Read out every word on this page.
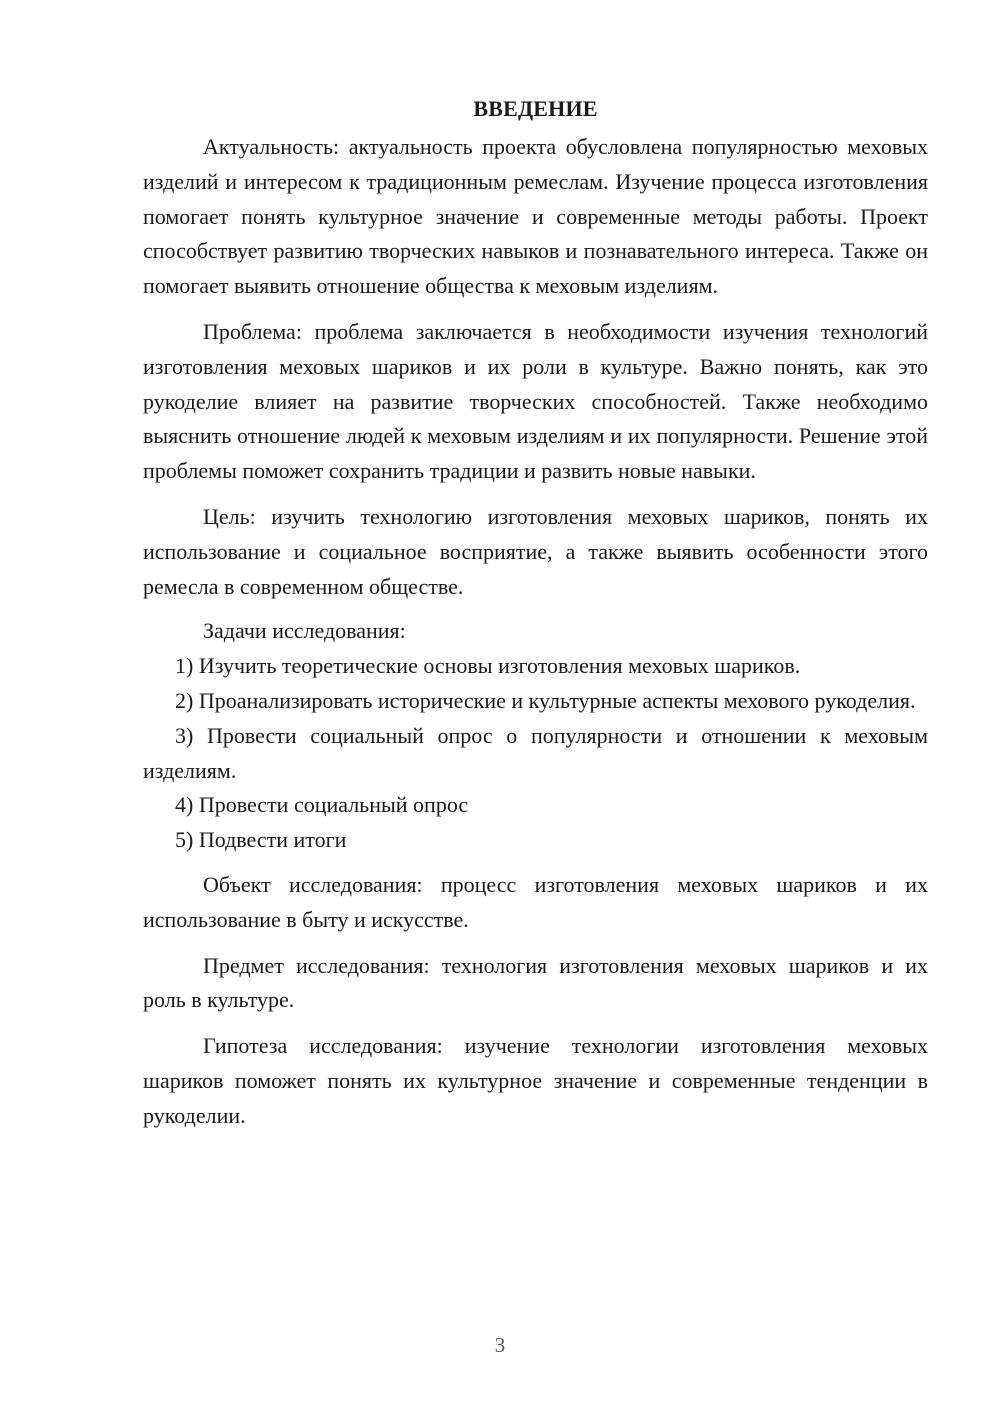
ВВЕДЕНИЕ

Актуальность: актуальность проекта обусловлена популярностью меховых изделий и интересом к традиционным ремеслам. Изучение процесса изготовления помогает понять культурное значение и современные методы работы. Проект способствует развитию творческих навыков и познавательного интереса. Также он помогает выявить отношение общества к меховым изделиям.

Проблема: проблема заключается в необходимости изучения технологий изготовления меховых шариков и их роли в культуре. Важно понять, как это рукоделие влияет на развитие творческих способностей. Также необходимо выяснить отношение людей к меховым изделиям и их популярности. Решение этой проблемы поможет сохранить традиции и развить новые навыки.

Цель: изучить технологию изготовления меховых шариков, понять их использование и социальное восприятие, а также выявить особенности этого ремесла в современном обществе.

Задачи исследования:

1) Изучить теоретические основы изготовления меховых шариков.

2) Проанализировать исторические и культурные аспекты мехового рукоделия.

3) Провести социальный опрос о популярности и отношении к меховым изделиям.

4) Провести социальный опрос

5) Подвести итоги

Объект исследования: процесс изготовления меховых шариков и их использование в быту и искусстве.

Предмет исследования: технология изготовления меховых шариков и их роль в культуре.

Гипотеза исследования: изучение технологии изготовления меховых шариков поможет понять их культурное значение и современные тенденции в рукоделии.

3
